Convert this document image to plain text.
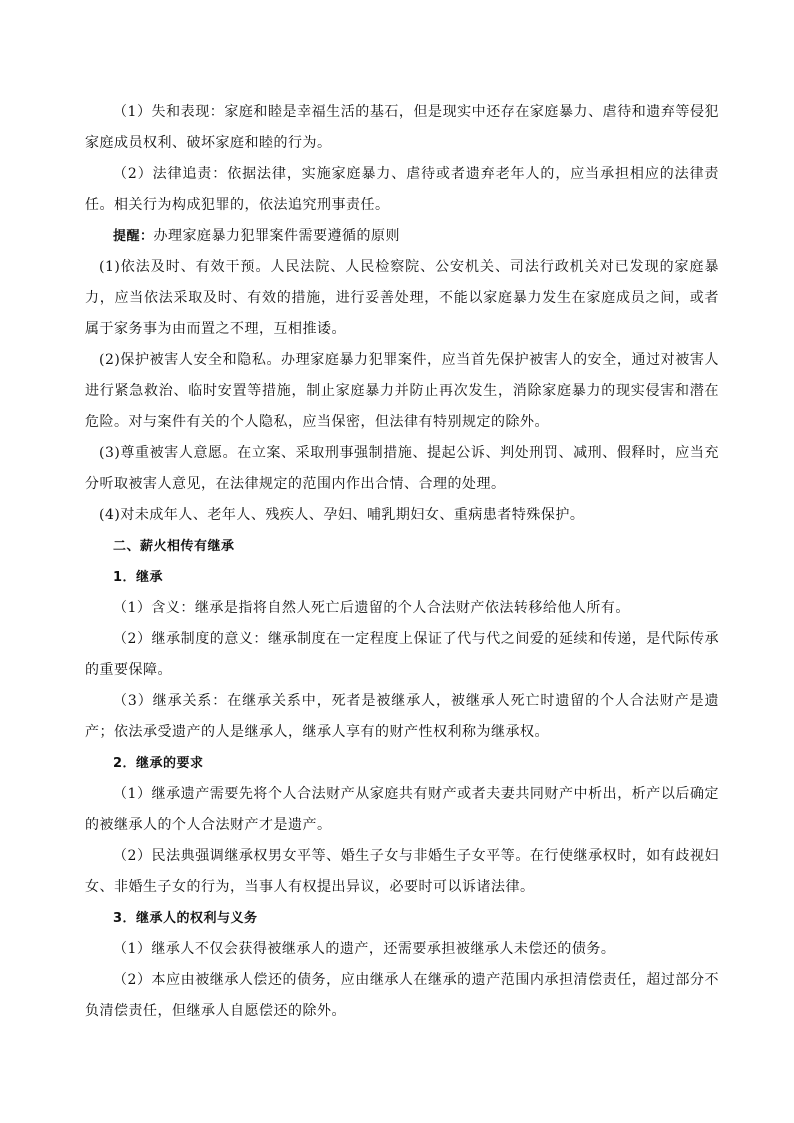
（1）失和表现：家庭和睦是幸福生活的基石，但是现实中还存在家庭暴力、虐待和遗弃等侵犯家庭成员权利、破坏家庭和睦的行为。

（2）法律追责：依据法律，实施家庭暴力、虐待或者遗弃老年人的，应当承担相应的法律责任。相关行为构成犯罪的，依法追究刑事责任。

提醒：办理家庭暴力犯罪案件需要遵循的原则

(1)依法及时、有效干预。人民法院、人民检察院、公安机关、司法行政机关对已发现的家庭暴力，应当依法采取及时、有效的措施，进行妥善处理，不能以家庭暴力发生在家庭成员之间，或者属于家务事为由而置之不理，互相推诿。

(2)保护被害人安全和隐私。办理家庭暴力犯罪案件，应当首先保护被害人的安全，通过对被害人进行紧急救治、临时安置等措施，制止家庭暴力并防止再次发生，消除家庭暴力的现实侵害和潜在危险。对与案件有关的个人隐私，应当保密，但法律有特别规定的除外。

(3)尊重被害人意愿。在立案、采取刑事强制措施、提起公诉、判处刑罚、减刑、假释时，应当充分听取被害人意见，在法律规定的范围内作出合情、合理的处理。

(4)对未成年人、老年人、残疾人、孕妇、哺乳期妇女、重病患者特殊保护。

二、薪火相传有继承

1．继承

（1）含义：继承是指将自然人死亡后遗留的个人合法财产依法转移给他人所有。

（2）继承制度的意义：继承制度在一定程度上保证了代与代之间爱的延续和传递，是代际传承的重要保障。

（3）继承关系：在继承关系中，死者是被继承人，被继承人死亡时遗留的个人合法财产是遗产；依法承受遗产的人是继承人，继承人享有的财产性权利称为继承权。

2．继承的要求

（1）继承遗产需要先将个人合法财产从家庭共有财产或者夫妻共同财产中析出，析产以后确定的被继承人的个人合法财产才是遗产。

（2）民法典强调继承权男女平等、婚生子女与非婚生子女平等。在行使继承权时，如有歧视妇女、非婚生子女的行为，当事人有权提出异议，必要时可以诉诸法律。

3．继承人的权利与义务

（1）继承人不仅会获得被继承人的遗产，还需要承担被继承人未偿还的债务。

（2）本应由被继承人偿还的债务，应由继承人在继承的遗产范围内承担清偿责任，超过部分不负清偿责任，但继承人自愿偿还的除外。
